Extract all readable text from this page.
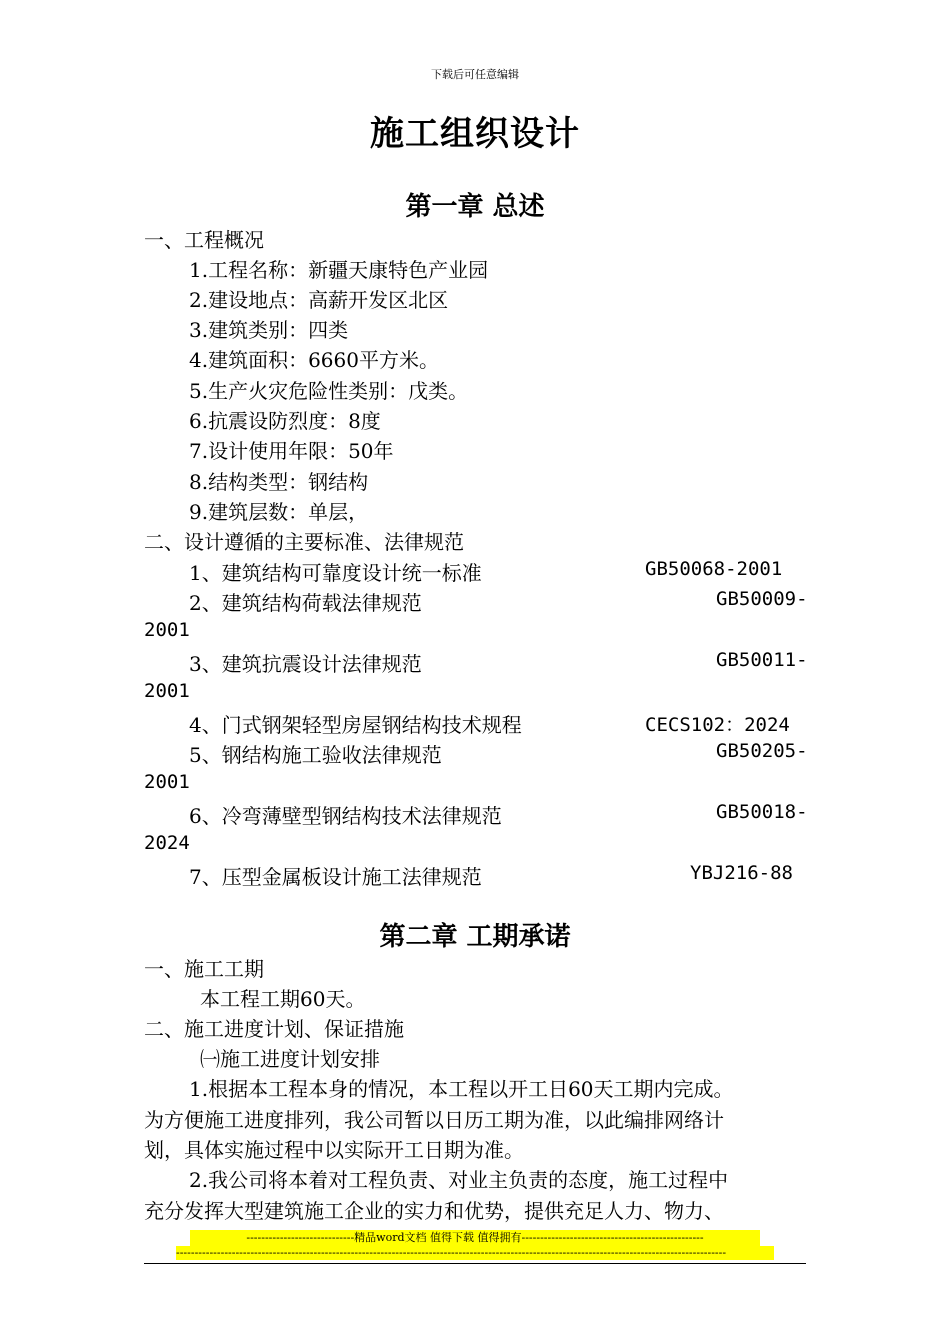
下载后可任意编辑
施工组织设计
第一章 总述
一、工程概况
1.工程名称：新疆天康特色产业园
2.建设地点：高薪开发区北区
3.建筑类别：四类
4.建筑面积：6660平方米。
5.生产火灾危险性类别：戊类。
6.抗震设防烈度：8度
7.设计使用年限：50年
8.结构类型：钢结构
9.建筑层数：单层，
二、设计遵循的主要标准、法律规范
1、建筑结构可靠度设计统一标准	GB50068-2001
2、建筑结构荷载法律规范	GB50009-
2001
3、建筑抗震设计法律规范	GB50011-
2001
4、门式钢架轻型房屋钢结构技术规程	CECS102：2024
5、钢结构施工验收法律规范	GB50205-
2001
6、冷弯薄壁型钢结构技术法律规范	GB50018-
2024
7、压型金属板设计施工法律规范	YBJ216-88
第二章 工期承诺
一、施工工期
本工程工期60天。
二、施工进度计划、保证措施
㈠施工进度计划安排
1.根据本工程本身的情况，本工程以开工日60天工期内完成。
为方便施工进度排列，我公司暂以日历工期为准，以此编排网络计
划，具体实施过程中以实际开工日期为准。
2.我公司将本着对工程负责、对业主负责的态度，施工过程中
充分发挥大型建筑施工企业的实力和优势，提供充足人力、物力、
-----------------------------精品word文档 值得下载 值得拥有-------------------------------------------------
----------------------------------------------------------------------------------------------------------------------------------------------------
